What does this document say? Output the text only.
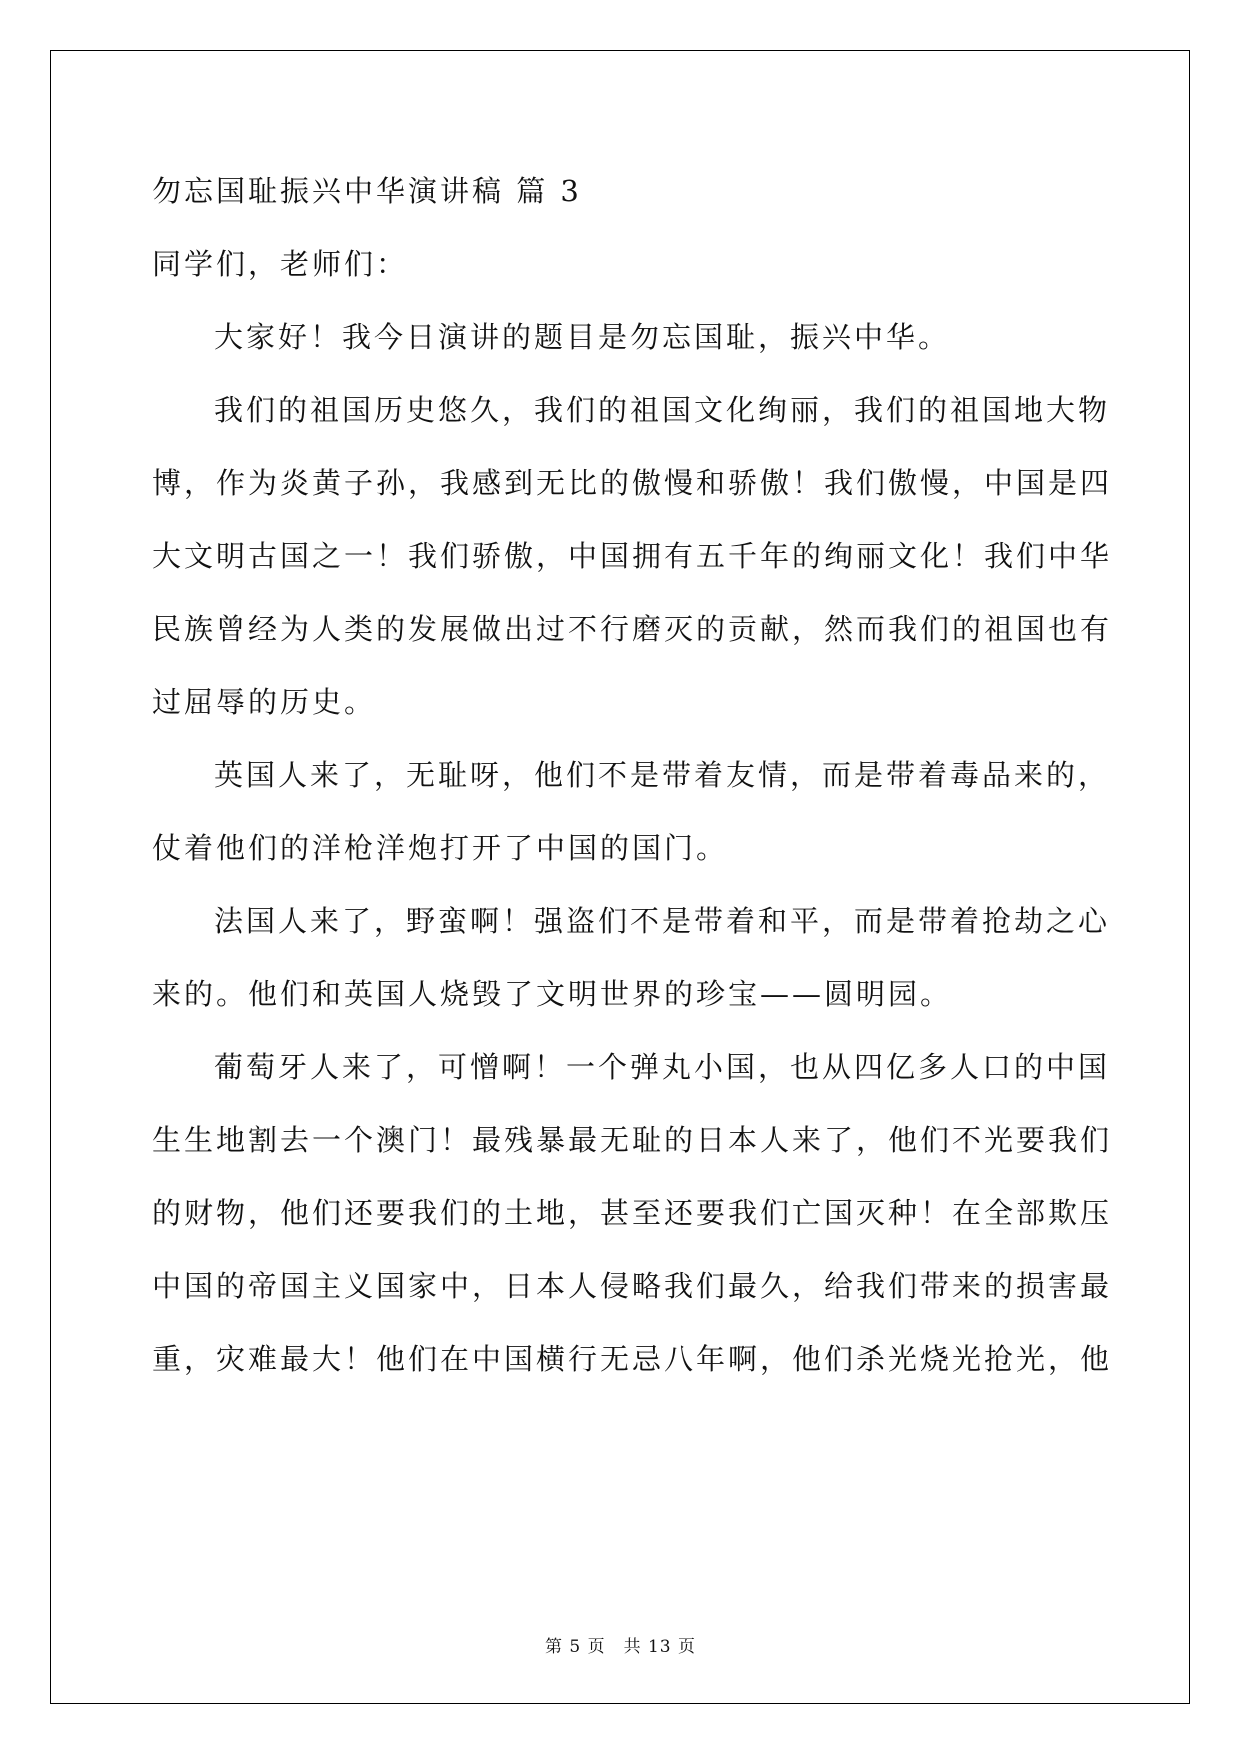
勿忘国耻振兴中华演讲稿 篇 3
同学们，老师们：
大家好！我今日演讲的题目是勿忘国耻，振兴中华。
我们的祖国历史悠久，我们的祖国文化绚丽，我们的祖国地大物
博，作为炎黄子孙，我感到无比的傲慢和骄傲！我们傲慢，中国是四
大文明古国之一！我们骄傲，中国拥有五千年的绚丽文化！我们中华
民族曾经为人类的发展做出过不行磨灭的贡献，然而我们的祖国也有
过屈辱的历史。
英国人来了，无耻呀，他们不是带着友情，而是带着毒品来的，
仗着他们的洋枪洋炮打开了中国的国门。
法国人来了，野蛮啊！强盗们不是带着和平，而是带着抢劫之心
来的。他们和英国人烧毁了文明世界的珍宝——圆明园。
葡萄牙人来了，可憎啊！一个弹丸小国，也从四亿多人口的中国
生生地割去一个澳门！最残暴最无耻的日本人来了，他们不光要我们
的财物，他们还要我们的土地，甚至还要我们亡国灭种！在全部欺压
中国的帝国主义国家中，日本人侵略我们最久，给我们带来的损害最
重，灾难最大！他们在中国横行无忌八年啊，他们杀光烧光抢光，他
第 5 页　共 13 页
